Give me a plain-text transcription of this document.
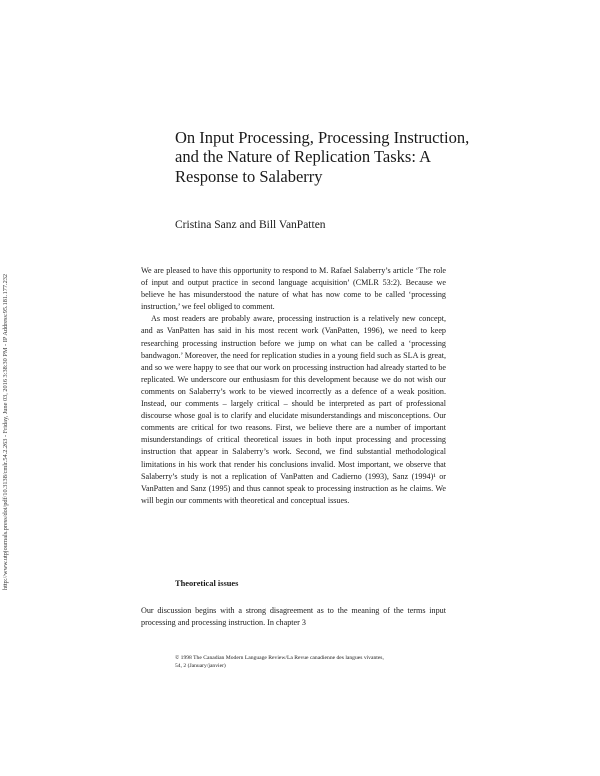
http://www.utpjournals.press/doi/pdf/10.3138/cmlr.54.2.263 - Friday, June 03, 2016 3:38:30 PM - IP Address:95.181.177.232
On Input Processing, Processing Instruction, and the Nature of Replication Tasks: A Response to Salaberry

Cristina Sanz and Bill VanPatten

We are pleased to have this opportunity to respond to M. Rafael Salaberry’s article ‘The role of input and output practice in second language acquisition’ (CMLR 53:2). Because we believe he has misunderstood the nature of what has now come to be called ‘processing instruction,’ we feel obliged to comment.

As most readers are probably aware, processing instruction is a relatively new concept, and as VanPatten has said in his most recent work (VanPatten, 1996), we need to keep researching processing instruction before we jump on what can be called a ‘processing bandwagon.’ Moreover, the need for replication studies in a young field such as SLA is great, and so we were happy to see that our work on processing instruction had already started to be replicated. We underscore our enthusiasm for this development because we do not wish our comments on Salaberry’s work to be viewed incorrectly as a defence of a weak position. Instead, our comments – largely critical – should be interpreted as part of professional discourse whose goal is to clarify and elucidate misunderstandings and misconceptions. Our comments are critical for two reasons. First, we believe there are a number of important misunderstandings of critical theoretical issues in both input processing and processing instruction that appear in Salaberry’s work. Second, we find substantial methodological limitations in his work that render his conclusions invalid. Most important, we observe that Salaberry’s study is not a replication of VanPatten and Cadierno (1993), Sanz (1994)¹ or VanPatten and Sanz (1995) and thus cannot speak to processing instruction as he claims. We will begin our comments with theoretical and conceptual issues.

Theoretical issues

Our discussion begins with a strong disagreement as to the meaning of the terms input processing and processing instruction. In chapter 3

© 1998 The Canadian Modern Language Review/La Revue canadienne des langues vivantes,
54, 2 (January/janvier)
